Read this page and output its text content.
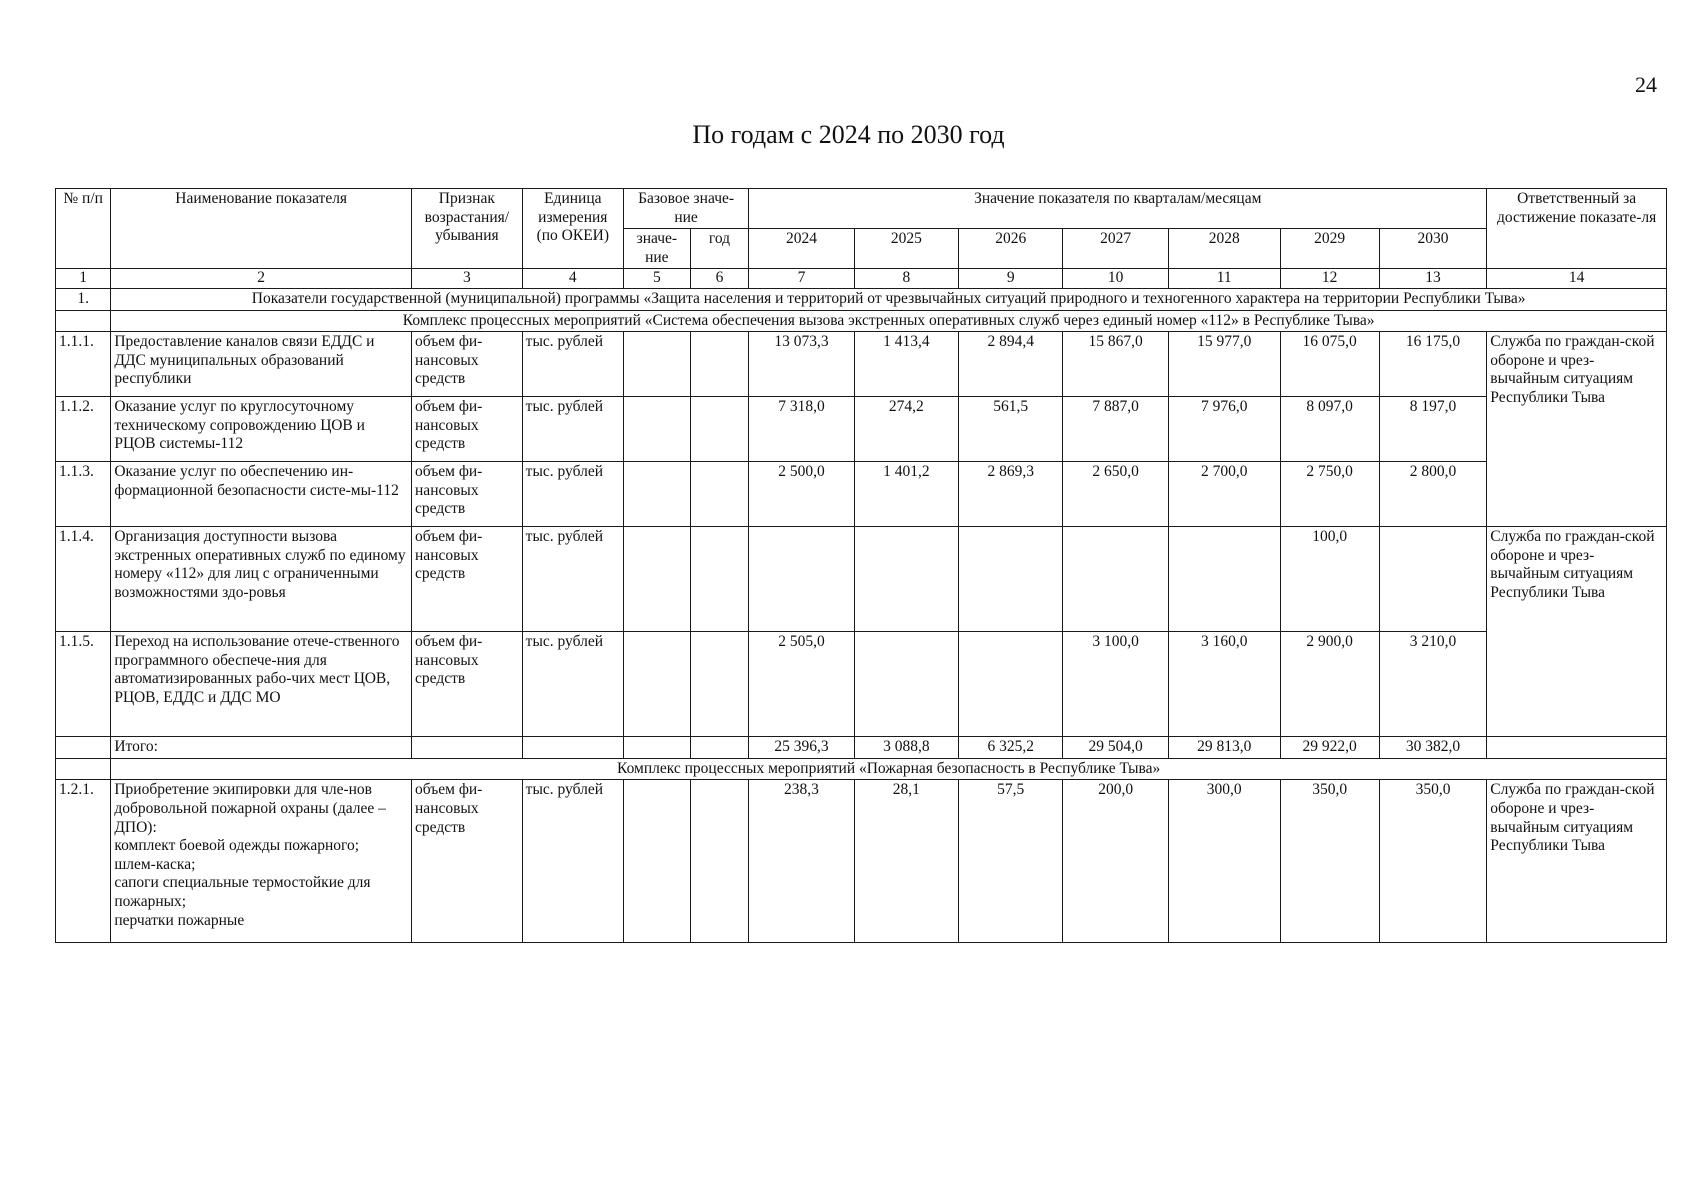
24
По годам с 2024 по 2030 год
№ п/п	Наименование показателя	Признак возрастания/ убывания	Единица измерения (по ОКЕИ)	Базовое значе-ние		Значение показателя по кварталам/месяцам							Ответственный за достижение показате-ля
				значе-ние	год	2024	2025	2026	2027	2028	2029	2030	

1	2	3	4	5	6	7	8	9	10	11	12	13	14
1.	Показатели государственной (муниципальной) программы «Защита населения и территорий от чрезвычайных ситуаций природного и техногенного характера на территории Республики Тыва»												
	Комплекс процессных мероприятий «Система обеспечения вызова экстренных оперативных служб через единый номер «112» в Республике Тыва»												
1.1.1.	Предоставление каналов связи ЕДДС и ДДС муниципальных образований республики	объем фи-нансовых средств	тыс. рублей			13 073,3	1 413,4	2 894,4	15 867,0	15 977,0	16 075,0	16 175,0	Служба по граждан-ской обороне и чрез-вычайным ситуациям Республики Тыва
1.1.2.	Оказание услуг по круглосуточному техническому сопровождению ЦОВ и РЦОВ системы-112	объем фи-нансовых средств	тыс. рублей			7 318,0	274,2	561,5	7 887,0	7 976,0	8 097,0	8 197,0	
1.1.3.	Оказание услуг по обеспечению ин-формационной безопасности систе-мы-112	объем фи-нансовых средств	тыс. рублей			2 500,0	1 401,2	2 869,3	2 650,0	2 700,0	2 750,0	2 800,0	
1.1.4.	Организация доступности вызова экстренных оперативных служб по единому номеру «112» для лиц с ограниченными возможностями здо-ровья	объем фи-нансовых средств	тыс. рублей								100,0		Служба по граждан-ской обороне и чрез-вычайным ситуациям Республики Тыва
1.1.5.	Переход на использование отече-ственного программного обеспече-ния для автоматизированных рабо-чих мест ЦОВ, РЦОВ, ЕДДС и ДДС МО	объем фи-нансовых средств	тыс. рублей			2 505,0			3 100,0	3 160,0	2 900,0	3 210,0	
	Итого:					25 396,3	3 088,8	6 325,2	29 504,0	29 813,0	29 922,0	30 382,0	
	Комплекс процессных мероприятий «Пожарная безопасность в Республике Тыва»												
1.2.1.	Приобретение экипировки для чле-нов добровольной пожарной охраны (далее – ДПО):
комплект боевой одежды пожарного;
шлем-каска;
сапоги специальные термостойкие для пожарных;
перчатки пожарные	объем фи-нансовых средств	тыс. рублей			238,3	28,1	57,5	200,0	300,0	350,0	350,0	Служба по граждан-ской обороне и чрез-вычайным ситуациям Республики Тыва
